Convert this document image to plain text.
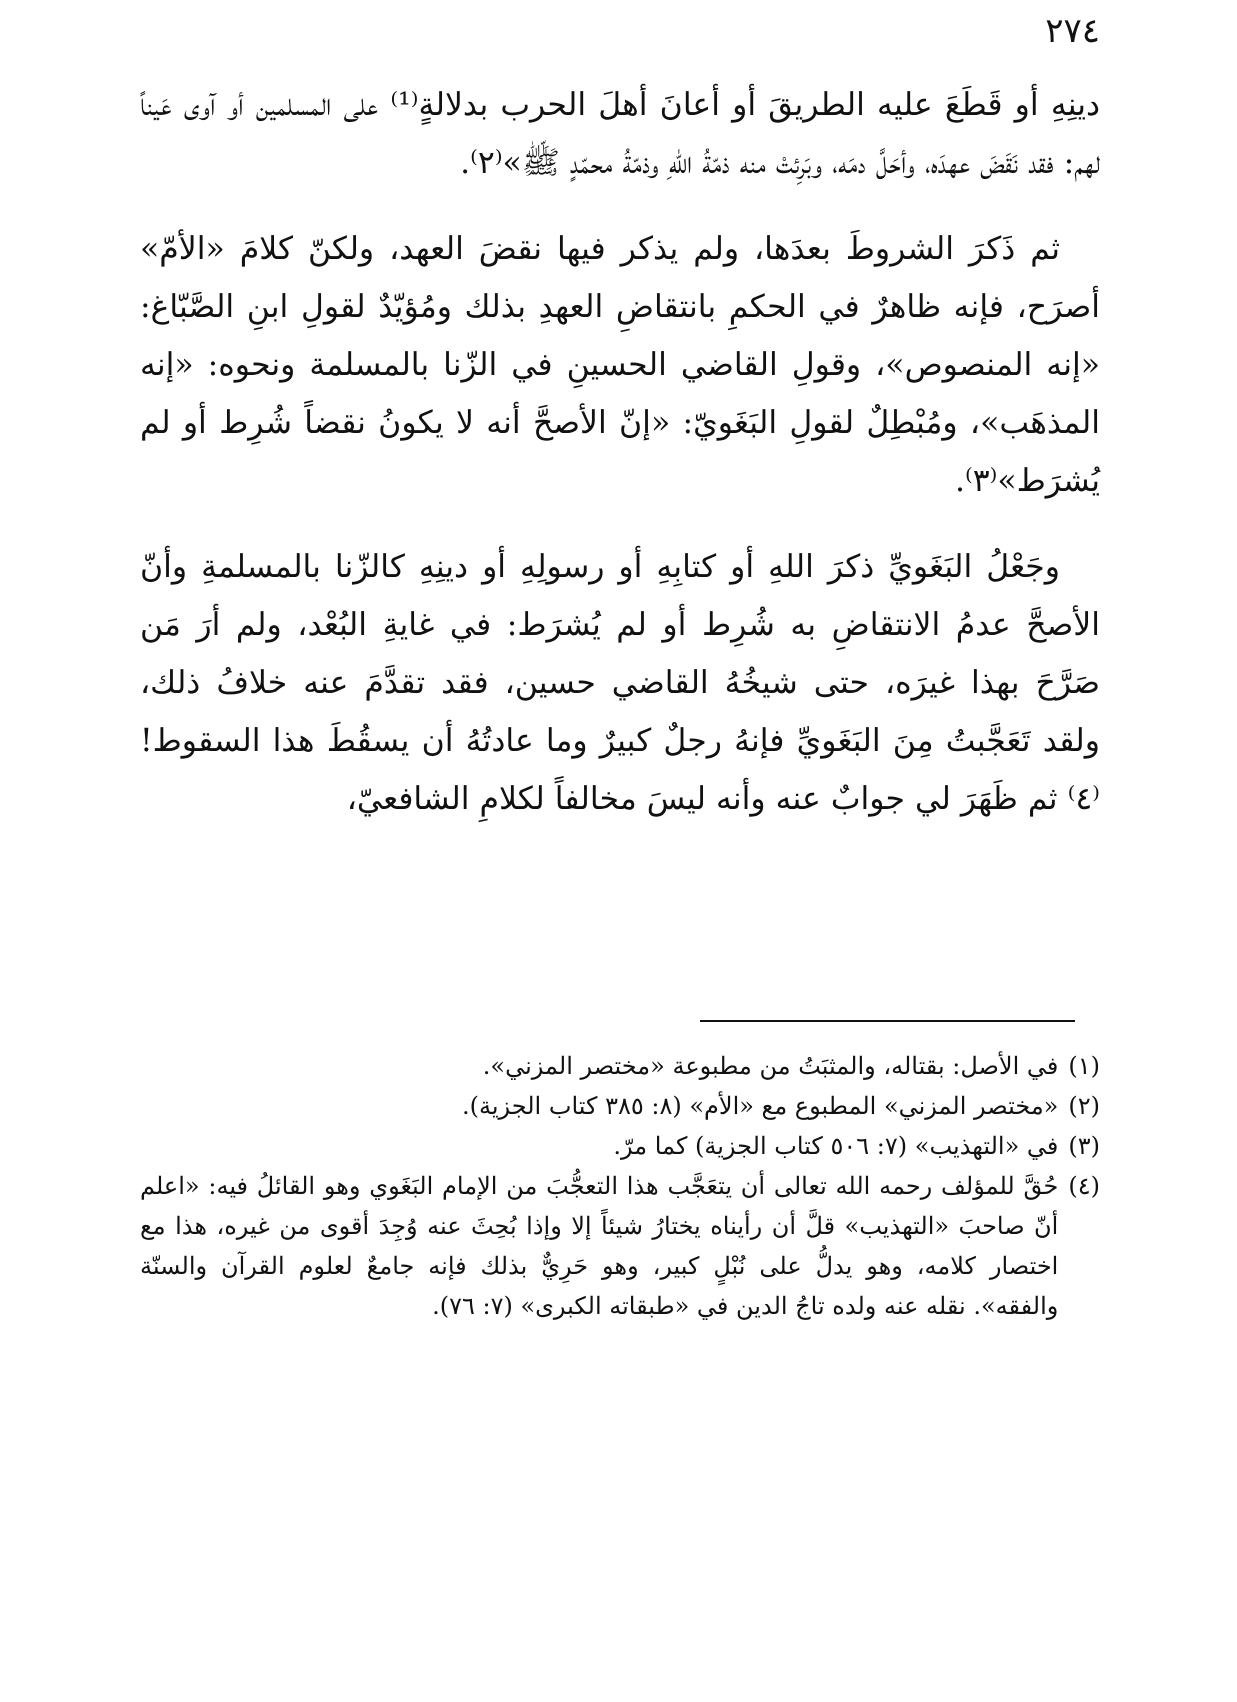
٢٧٤

دينِهِ أو قَطَعَ عليه الطريقَ أو أعانَ أهلَ الحرب بدلالةٍ⁽¹⁾ على المسلمين أو آوى عَيناً لهم: فقد نَقَضَ عهدَه، وأحَلَّ دمَه، وبَرِئتْ منه ذمّةُ اللهِ وذمّةُ محمّدٍ ﷺ»⁽٢⁾.

ثم ذَكرَ الشروطَ بعدَها، ولم يذكر فيها نقضَ العهد، ولكنّ كلامَ «الأمّ» أصرَح، فإنه ظاهرٌ في الحكمِ بانتقاضِ العهدِ بذلك ومُؤيّدٌ لقولِ ابنِ الصَّبّاغ: «إنه المنصوص»، وقولِ القاضي الحسينِ في الزّنا بالمسلمة ونحوه: «إنه المذهَب»، ومُبْطِلٌ لقولِ البَغَويّ: «إنّ الأصحَّ أنه لا يكونُ نقضاً شُرِط أو لم يُشرَط»⁽٣⁾.

وجَعْلُ البَغَويِّ ذكرَ اللهِ أو كتابِهِ أو رسولِهِ أو دينِهِ كالزّنا بالمسلمةِ وأنّ الأصحَّ عدمُ الانتقاضِ به شُرِط أو لم يُشرَط: في غايةِ البُعْد، ولم أرَ مَن صَرَّحَ بهذا غيرَه، حتى شيخُهُ القاضي حسين، فقد تقدَّمَ عنه خلافُ ذلك، ولقد تَعَجَّبتُ مِنَ البَغَويِّ فإنهُ رجلٌ كبيرٌ وما عادتُهُ أن يسقُطَ هذا السقوط!⁽٤⁾ ثم ظَهَرَ لي جوابٌ عنه وأنه ليسَ مخالفاً لكلامِ الشافعيّ،

(١)
في الأصل: بقتاله، والمثبَتُ من مطبوعة «مختصر المزني».
(٢)
«مختصر المزني» المطبوع مع «الأم» (٨: ٣٨٥ كتاب الجزية).
(٣)
في «التهذيب» (٧: ٥٠٦ كتاب الجزية) كما مرّ.
(٤)
حُقَّ للمؤلف رحمه الله تعالى أن يتعَجَّب هذا التعجُّبَ من الإمام البَغَوي وهو القائلُ فيه: «اعلم أنّ صاحبَ «التهذيب» قلَّ أن رأيناه يختارُ شيئاً إلا وإذا بُحِثَ عنه وُجِدَ أقوى من غيره، هذا مع اختصار كلامه، وهو يدلُّ على نُبْلٍ كبير، وهو حَرِيٌّ بذلك فإنه جامعٌ لعلوم القرآن والسنّة والفقه». نقله عنه ولده تاجُ الدين في «طبقاته الكبرى» (٧: ٧٦).
